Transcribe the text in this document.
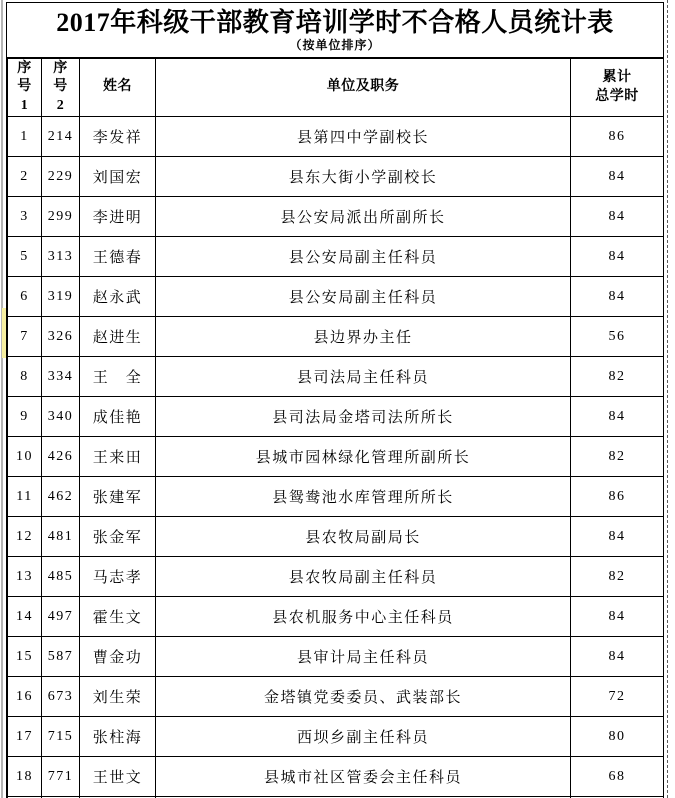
2017年科级干部教育培训学时不合格人员统计表
（按单位排序）
序
号
1	序
号
2	姓名	单位及职务	累计
总学时
1	214	李发祥	县第四中学副校长	86
2	229	刘国宏	县东大街小学副校长	84
3	299	李进明	县公安局派出所副所长	84
5	313	王德春	县公安局副主任科员	84
6	319	赵永武	县公安局副主任科员	84
7	326	赵进生	县边界办主任	56
8	334	王　全	县司法局主任科员	82
9	340	成佳艳	县司法局金塔司法所所长	84
10	426	王来田	县城市园林绿化管理所副所长	82
11	462	张建军	县鸳鸯池水库管理所所长	86
12	481	张金军	县农牧局副局长	84
13	485	马志孝	县农牧局副主任科员	82
14	497	霍生文	县农机服务中心主任科员	84
15	587	曹金功	县审计局主任科员	84
16	673	刘生荣	金塔镇党委委员、武装部长	72
17	715	张柱海	西坝乡副主任科员	80
18	771	王世文	县城市社区管委会主任科员	68
